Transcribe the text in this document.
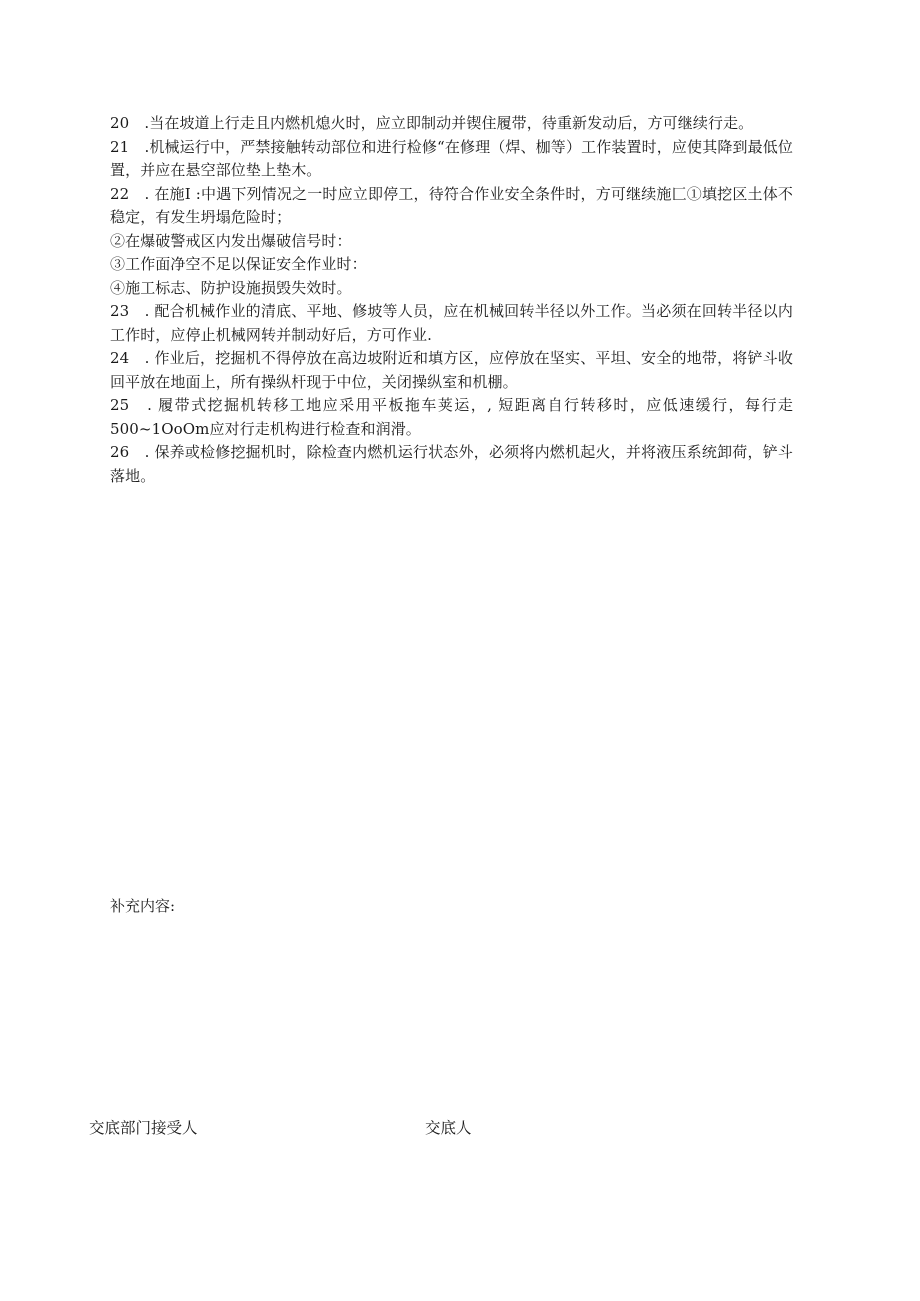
20　.当在坡道上行走且内燃机熄火时，应立即制动并锲住履带，待重新发动后，方可继续行走。

21　.机械运行中，严禁接触转动部位和进行检修“在修理（焊、枷等）工作装置时，应使其降到最低位置，并应在悬空部位垫上垫木。

22　. 在施I :中遇下列情况之一时应立即停工，待符合作业安全条件时，方可继续施匚①填挖区土体不稳定，有发生坍塌危险时；

②在爆破警戒区内发出爆破信号时：

③工作面净空不足以保证安全作业时：

④施工标志、防护设施损毁失效时。

23　. 配合机械作业的清底、平地、修坡等人员，应在机械回转半径以外工作。当必须在回转半径以内工作时，应停止机械网转并制动好后，方可作业.

24　. 作业后，挖掘机不得停放在高边坡附近和填方区，应停放在坚实、平坦、安全的地带，将铲斗收回平放在地面上，所有操纵杆现于中位，关闭操纵室和机棚。

25　. 履带式挖掘机转移工地应采用平板拖车荚运，, 短距离自行转移时，应低速缓行，每行走500~1OoOm应对行走机构进行检查和润滑。

26　. 保养或检修挖掘机时，除检查内燃机运行状态外，必须将内燃机起火，并将液压系统卸荷，铲斗落地。

补充内容:
交底部门接受人	交底人
